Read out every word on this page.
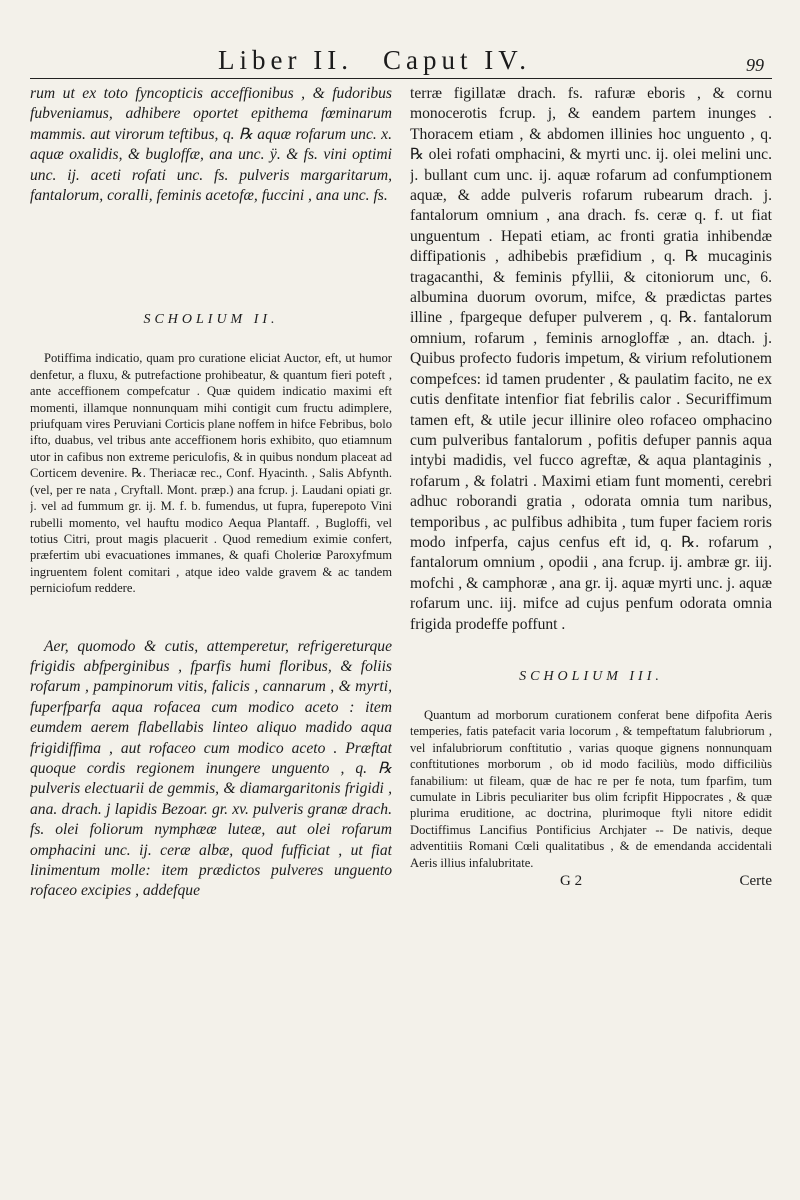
Liber II. Caput IV.	99

rum ut ex toto fyncopticis acceffionibus , & fudoribus fubveniamus, adhibere oportet epithema fœminarum mammis. aut virorum teftibus, q. ℞ aquæ rofarum unc. x. aquæ oxalidis, & bugloffæ, ana unc. ÿ. & fs. vini optimi unc. ij. aceti rofati unc. fs. pulveris margaritarum, fantalorum, coralli, feminis acetofæ, fuccini , ana unc. fs.

SCHOLIUM II.

Potiffima indicatio, quam pro curatione eliciat Auctor, eft, ut humor denfetur, a fluxu, & putrefactione prohibeatur, & quantum fieri poteft , ante acceffionem compefcatur . Quæ quidem indicatio maximi eft momenti, illamque nonnunquam mihi contigit cum fructu adimplere, priufquam vires Peruviani Corticis plane noffem in hifce Febribus, bolo ifto, duabus, vel tribus ante acceffionem horis exhibito, quo etiamnum utor in cafibus non extreme periculofis, & in quibus nondum placeat ad Corticem devenire. ℞. Theriacæ rec., Conf. Hyacinth. , Salis Abfynth. (vel, per re nata , Cryftall. Mont. præp.) ana fcrup. j. Laudani opiati gr. j. vel ad fummum gr. ij. M. f. b. fumendus, ut fupra, fuperepoto Vini rubelli momento, vel hauftu modico Aequa Plantaff. , Bugloffi, vel totius Citri, prout magis placuerit . Quod remedium eximie confert, præfertim ubi evacuationes immanes, & quafi Choleriœ Paroxyfmum ingruentem folent comitari , atque ideo valde gravem & ac tandem perniciofum reddere.

Aer, quomodo & cutis, attemperetur, refrigereturque frigidis abfperginibus , fparfis humi floribus, & foliis rofarum , pampinorum vitis, falicis , cannarum , & myrti, fuperfparfa aqua rofacea cum modico aceto : item eumdem aerem flabellabis linteo aliquo madido aqua frigidiffima , aut rofaceo cum modico aceto . Præftat quoque cordis regionem inungere unguento , q. ℞ pulveris electuarii de gemmis, & diamargaritonis frigidi , ana. drach. j lapidis Bezoar. gr. xv. pulveris granæ drach. fs. olei foliorum nymphææ luteæ, aut olei rofarum omphacini unc. ij. ceræ albæ, quod fufficiat , ut fiat linimentum molle: item prædictos pulveres unguento rofaceo excipies , addefque

terræ figillatæ drach. fs. rafuræ eboris , & cornu monocerotis fcrup. j, & eandem partem inunges . Thoracem etiam , & abdomen illinies hoc unguento , q. ℞ olei rofati omphacini, & myrti unc. ij. olei melini unc. j. bullant cum unc. ij. aquæ rofarum ad confumptionem aquæ, & adde pulveris rofarum rubearum drach. j. fantalorum omnium , ana drach. fs. ceræ q. f. ut fiat unguentum . Hepati etiam, ac fronti gratia inhibendæ diffipationis , adhibebis præfidium , q. ℞ mucaginis tragacanthi, & feminis pfyllii, & citoniorum unc, 6. albumina duorum ovorum, mifce, & prædictas partes illine , fpargeque defuper pulverem , q. ℞. fantalorum omnium, rofarum , feminis arnogloffæ , an. dtach. j. Quibus profecto fudoris impetum, & virium refolutionem compefces: id tamen prudenter , & paulatim facito, ne ex cutis denfitate intenfior fiat febrilis calor . Securiffimum tamen eft, & utile jecur illinire oleo rofaceo omphacino cum pulveribus fantalorum , pofitis defuper pannis aqua intybi madidis, vel fucco agreftæ, & aqua plantaginis , rofarum , & folatri . Maximi etiam funt momenti, cerebri adhuc roborandi gratia , odorata omnia tum naribus, temporibus , ac pulfibus adhibita , tum fuper faciem roris modo infperfa, cajus cenfus eft id, q. ℞. rofarum , fantalorum omnium , opodii , ana fcrup. ij. ambræ gr. iij. mofchi , & camphoræ , ana gr. ij. aquæ myrti unc. j. aquæ rofarum unc. iij. mifce ad cujus penfum odorata omnia frigida prodeffe poffunt .

SCHOLIUM III.

Quantum ad morborum curationem conferat bene difpofita Aeris temperies, fatis patefacit varia locorum , & tempeftatum falubriorum , vel infalubriorum conftitutio , varias quoque gignens nonnunquam conftitutiones morborum , ob id modo faciliùs, modo difficiliùs fanabilium: ut fileam, quæ de hac re per fe nota, tum fparfim, tum cumulate in Libris peculiariter bus olim fcripfit Hippocrates , & quæ plurima eruditione, ac doctrina, plurimoque ftyli nitore edidit Doctiffimus Lancifius Pontificius Archjater -- De nativis, deque adventitiis Romani Cœli qualitatibus , & de emendanda accidentali Aeris illius infalubritate.

G 2	Certe
